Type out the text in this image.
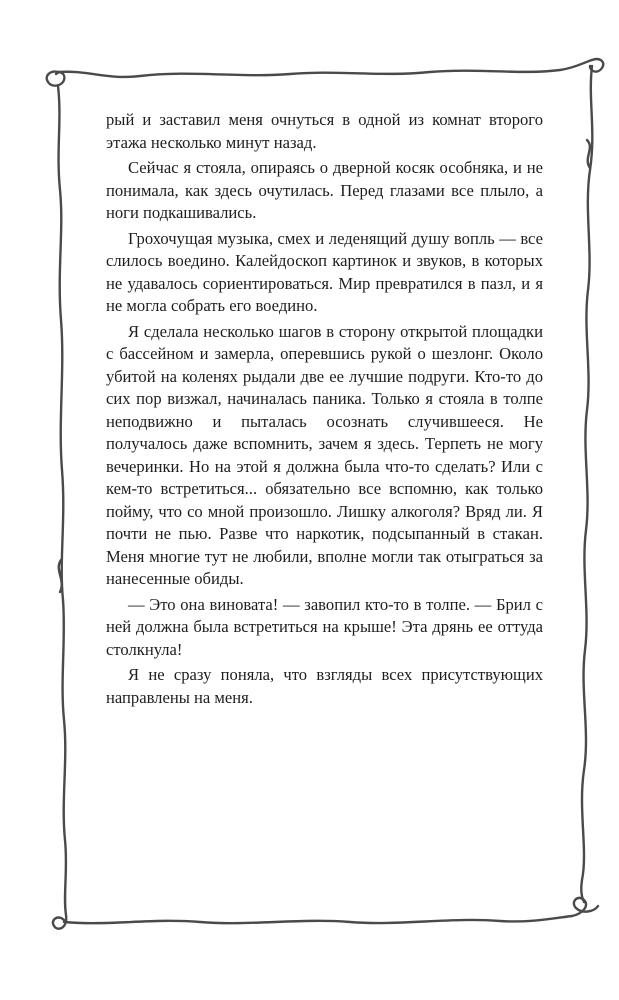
рый и заставил меня очнуться в одной из комнат второго этажа несколько минут назад.

Сейчас я стояла, опираясь о дверной косяк особняка, и не понимала, как здесь очутилась. Перед глазами все плыло, а ноги подкашивались.

Грохочущая музыка, смех и леденящий душу вопль — все слилось воедино. Калейдоскоп картинок и звуков, в которых не удавалось сориентироваться. Мир превратился в пазл, и я не могла собрать его воедино.

Я сделала несколько шагов в сторону открытой площадки с бассейном и замерла, оперевшись рукой о шезлонг. Около убитой на коленях рыдали две ее лучшие подруги. Кто-то до сих пор визжал, начиналась паника. Только я стояла в толпе неподвижно и пыталась осознать случившееся. Не получалось даже вспомнить, зачем я здесь. Терпеть не могу вечеринки. Но на этой я должна была что-то сделать? Или с кем-то встретиться... обязательно все вспомню, как только пойму, что со мной произошло. Лишку алкоголя? Вряд ли. Я почти не пью. Разве что наркотик, подсыпанный в стакан. Меня многие тут не любили, вполне могли так отыграться за нанесенные обиды.

— Это она виновата! — завопил кто-то в толпе. — Брил с ней должна была встретиться на крыше! Эта дрянь ее оттуда столкнула!

Я не сразу поняла, что взгляды всех присутствующих направлены на меня.
